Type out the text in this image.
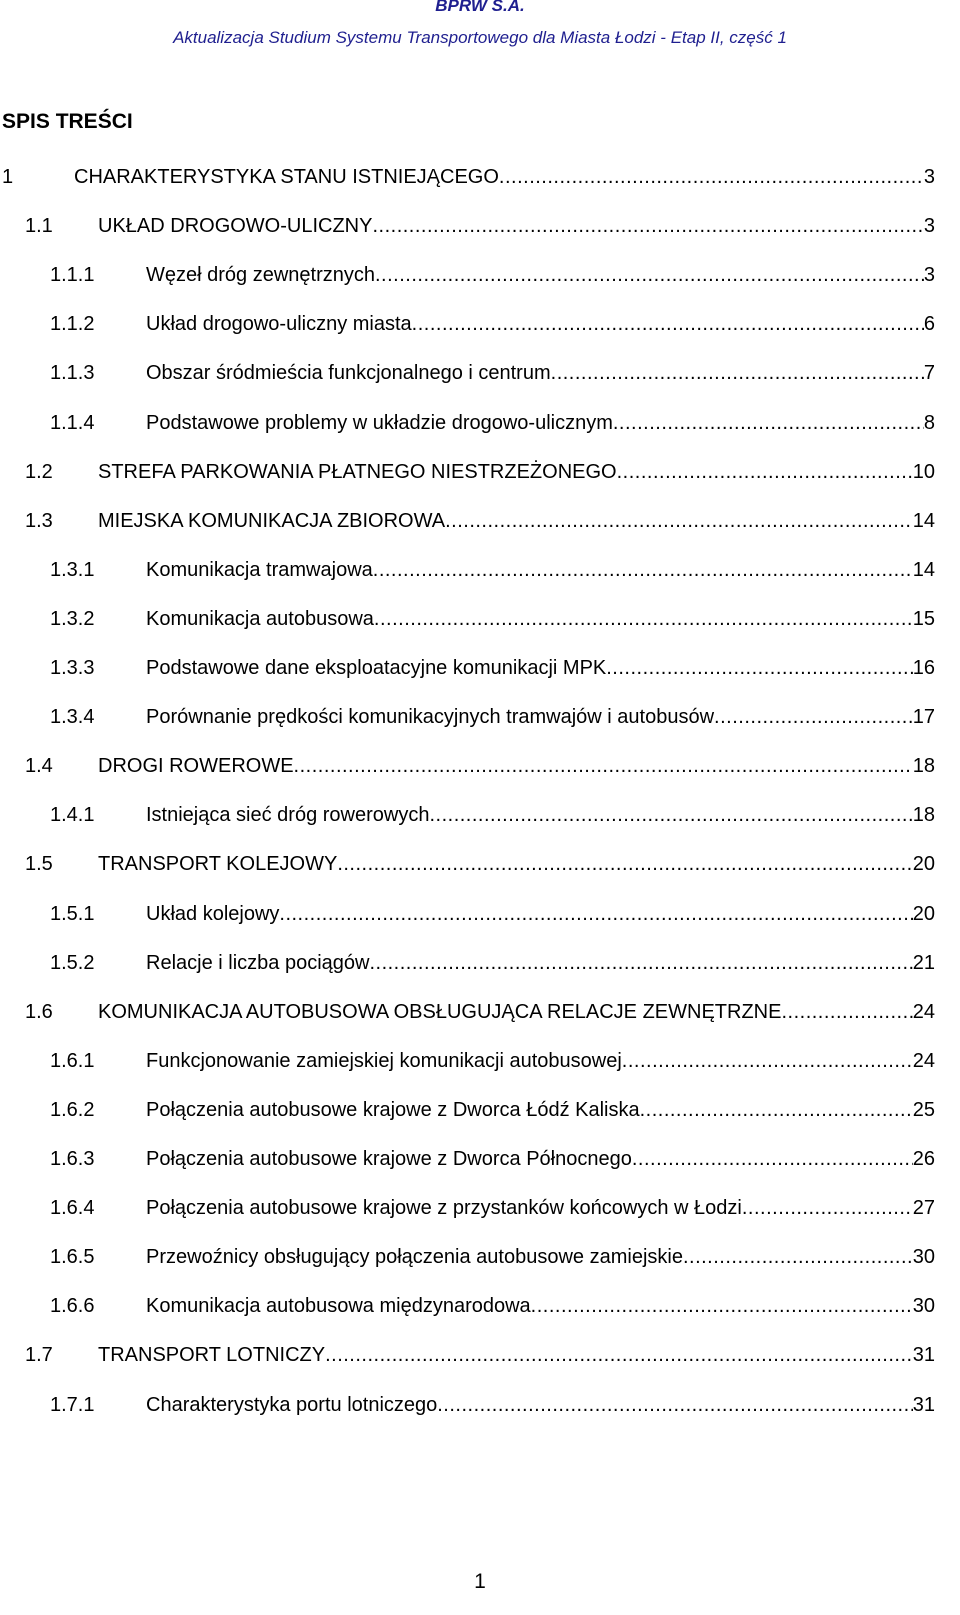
BPRW S.A.
Aktualizacja Studium Systemu Transportowego dla Miasta Łodzi - Etap II, część 1
SPIS TREŚCI
1	CHARAKTERYSTYKA STANU ISTNIEJĄCEGO .....	3
1.1	UKŁAD DROGOWO-ULICZNY .....	3
1.1.1	Węzeł dróg zewnętrznych .....	3
1.1.2	Układ drogowo-uliczny miasta .....	6
1.1.3	Obszar śródmieścia funkcjonalnego i centrum .....	7
1.1.4	Podstawowe problemy w układzie drogowo-ulicznym .....	8
1.2	STREFA PARKOWANIA PŁATNEGO NIESTRZEŻONEGO .....	10
1.3	MIEJSKA KOMUNIKACJA ZBIOROWA .....	14
1.3.1	Komunikacja tramwajowa .....	14
1.3.2	Komunikacja autobusowa .....	15
1.3.3	Podstawowe dane eksploatacyjne komunikacji MPK .....	16
1.3.4	Porównanie prędkości komunikacyjnych tramwajów i autobusów .....	17
1.4	DROGI ROWEROWE .....	18
1.4.1	Istniejąca sieć dróg rowerowych .....	18
1.5	TRANSPORT KOLEJOWY .....	20
1.5.1	Układ kolejowy .....	20
1.5.2	Relacje i liczba pociągów .....	21
1.6	KOMUNIKACJA AUTOBUSOWA OBSŁUGUJĄCA RELACJE ZEWNĘTRZNE .....	24
1.6.1	Funkcjonowanie zamiejskiej komunikacji autobusowej .....	24
1.6.2	Połączenia autobusowe krajowe z Dworca Łódź Kaliska .....	25
1.6.3	Połączenia autobusowe krajowe z Dworca Północnego .....	26
1.6.4	Połączenia autobusowe krajowe z przystanków końcowych w Łodzi .....	27
1.6.5	Przewoźnicy obsługujący połączenia autobusowe zamiejskie .....	30
1.6.6	Komunikacja autobusowa międzynarodowa .....	30
1.7	TRANSPORT LOTNICZY .....	31
1.7.1	Charakterystyka portu lotniczego .....	31
1
